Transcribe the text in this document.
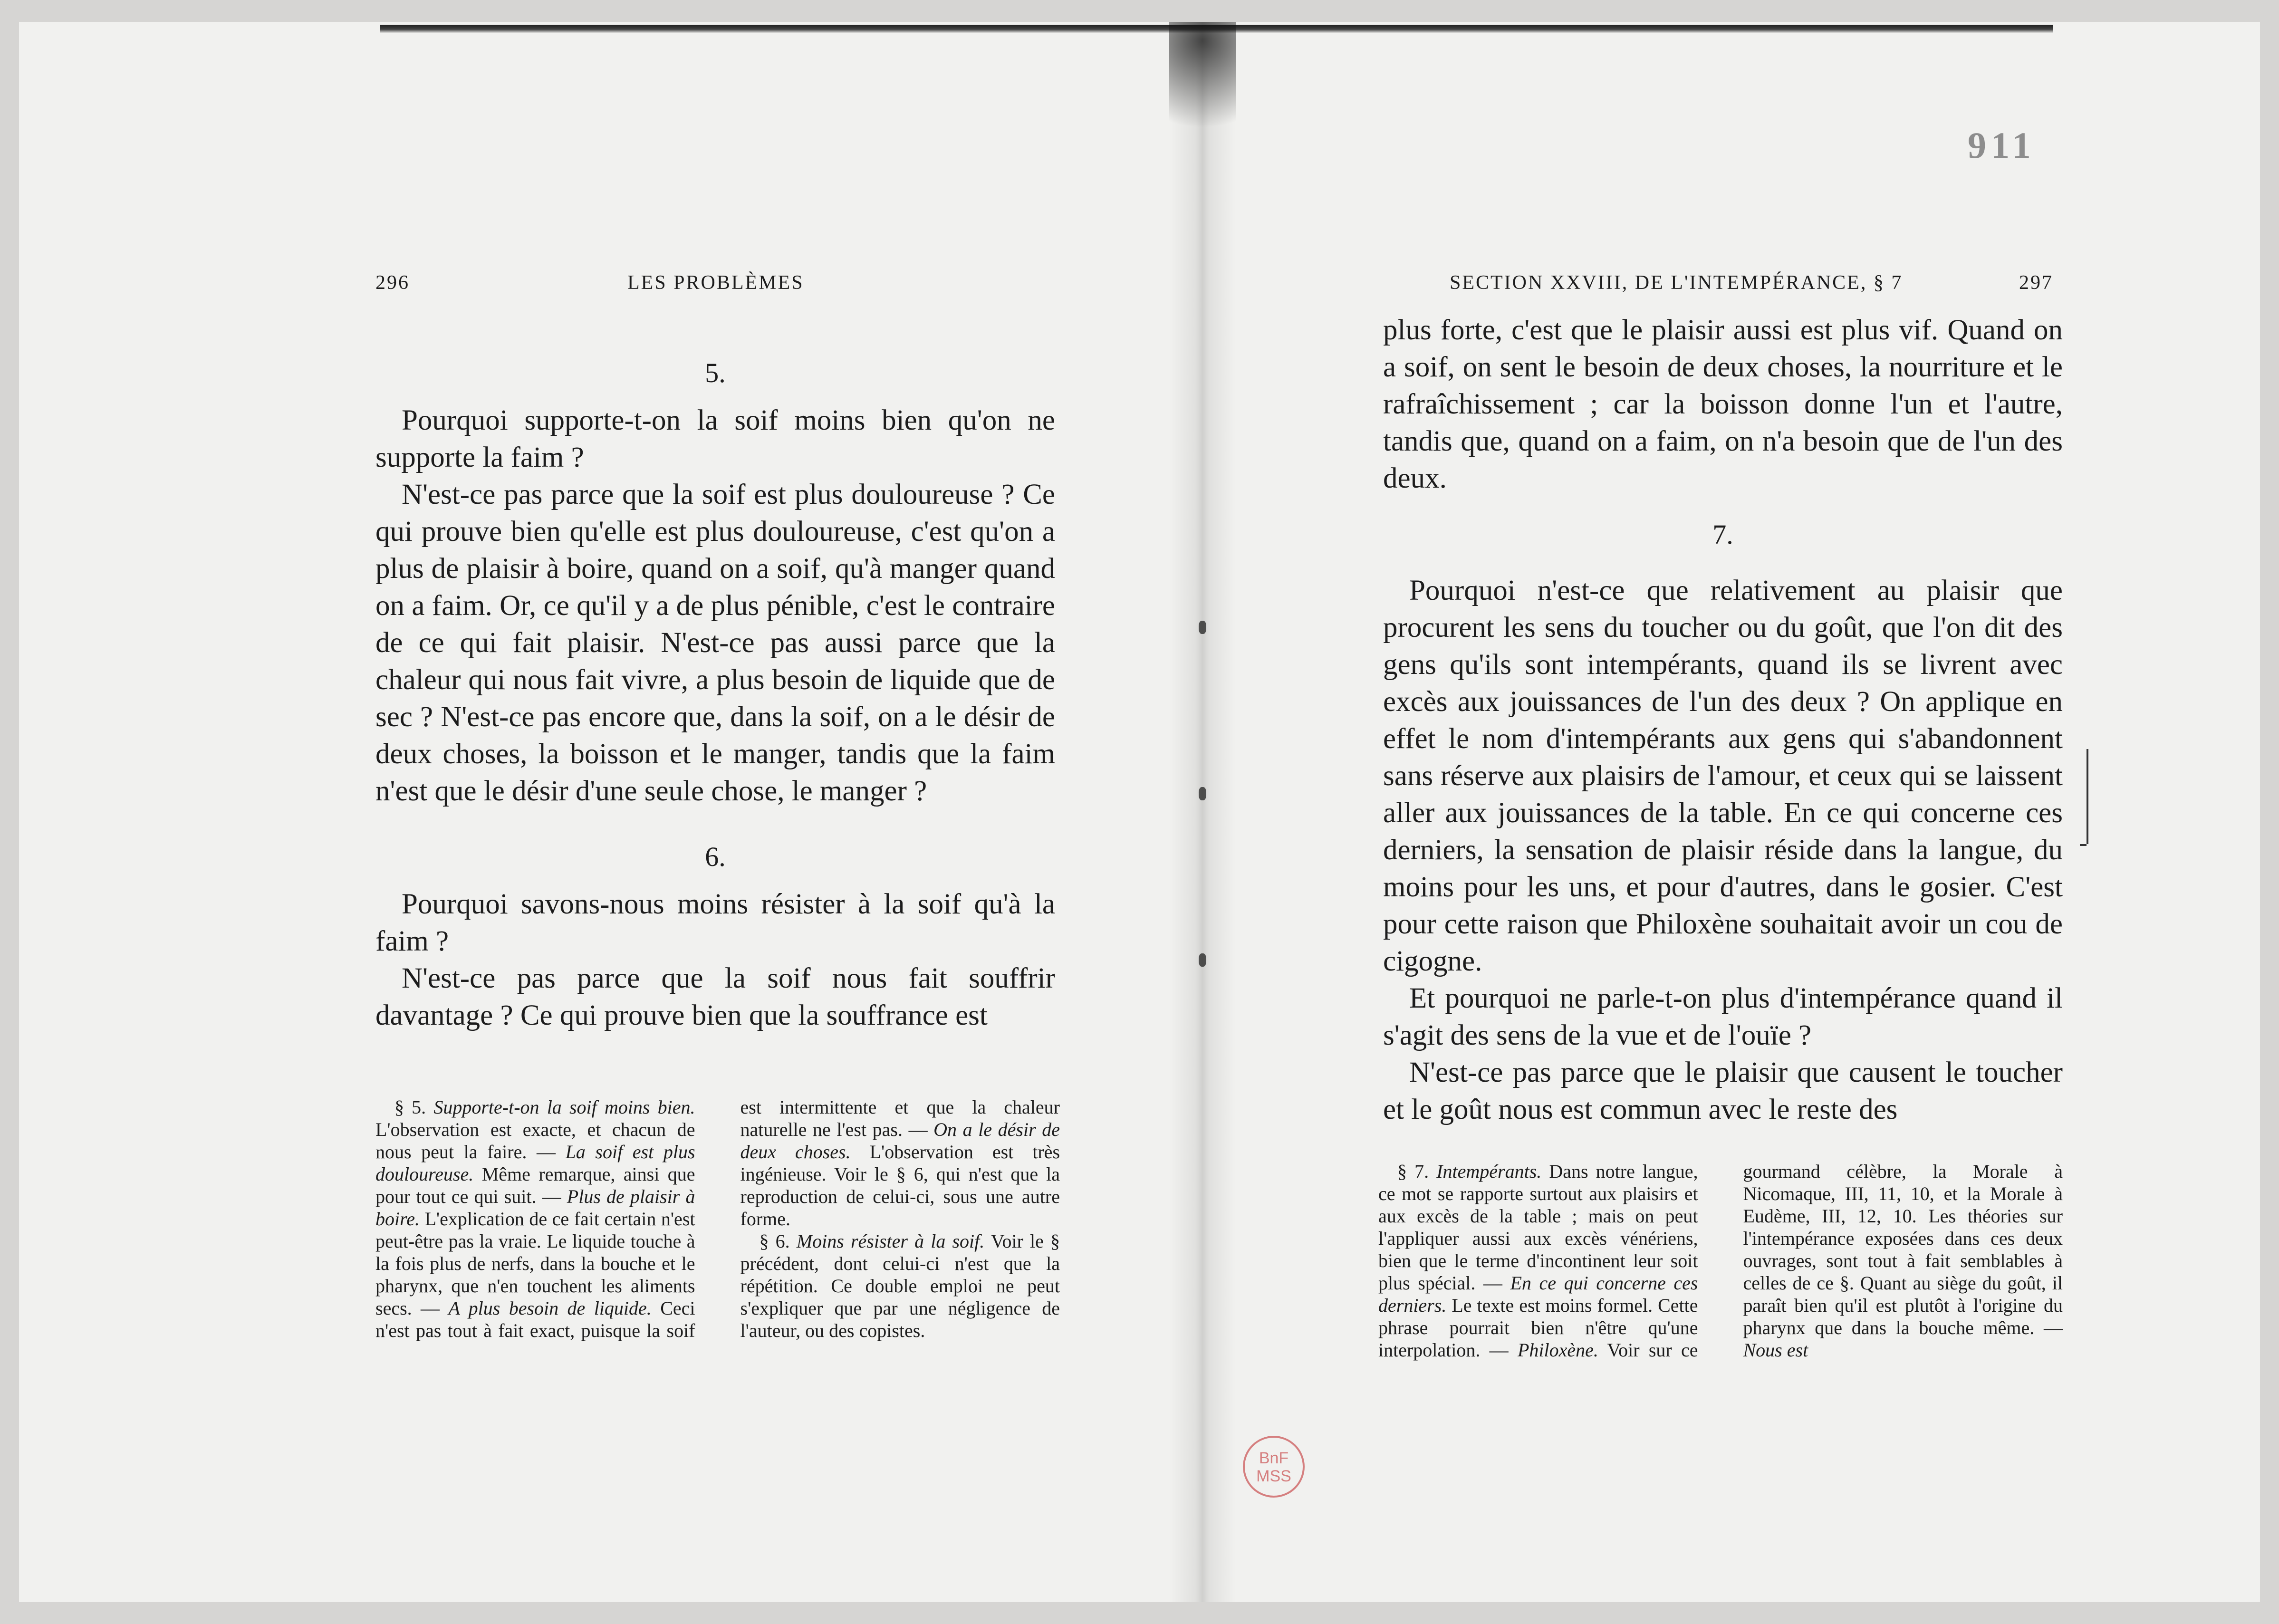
911
296	LES PROBLÈMES
5.

Pourquoi supporte-t-on la soif moins bien qu'on ne supporte la faim ?

N'est-ce pas parce que la soif est plus douloureuse ? Ce qui prouve bien qu'elle est plus douloureuse, c'est qu'on a plus de plaisir à boire, quand on a soif, qu'à manger quand on a faim. Or, ce qu'il y a de plus pénible, c'est le contraire de ce qui fait plaisir. N'est-ce pas aussi parce que la chaleur qui nous fait vivre, a plus besoin de liquide que de sec ? N'est-ce pas encore que, dans la soif, on a le désir de deux choses, la boisson et le manger, tandis que la faim n'est que le désir d'une seule chose, le manger ?

6.

Pourquoi savons-nous moins résister à la soif qu'à la faim ?

N'est-ce pas parce que la soif nous fait souffrir davantage ? Ce qui prouve bien que la souffrance est

§ 5. Supporte-t-on la soif moins bien. L'observation est exacte, et chacun de nous peut la faire. — La soif est plus douloureuse. Même remarque, ainsi que pour tout ce qui suit. — Plus de plaisir à boire. L'explication de ce fait certain n'est peut-être pas la vraie. Le liquide touche à la fois plus de nerfs, dans la bouche et le pharynx, que n'en touchent les aliments secs. — A plus besoin de liquide. Ceci n'est pas tout à fait exact, puisque la soif est intermittente et que la chaleur naturelle ne l'est pas. — On a le désir de deux choses. L'observation est très ingénieuse. Voir le § 6, qui n'est que la reproduction de celui-ci, sous une autre forme.

§ 6. Moins résister à la soif. Voir le § précédent, dont celui-ci n'est que la répétition. Ce double emploi ne peut s'expliquer que par une négligence de l'auteur, ou des copistes.

SECTION XXVIII, DE L'INTEMPÉRANCE, § 7	297

plus forte, c'est que le plaisir aussi est plus vif. Quand on a soif, on sent le besoin de deux choses, la nourriture et le rafraîchissement ; car la boisson donne l'un et l'autre, tandis que, quand on a faim, on n'a besoin que de l'un des deux.

7.

Pourquoi n'est-ce que relativement au plaisir que procurent les sens du toucher ou du goût, que l'on dit des gens qu'ils sont intempérants, quand ils se livrent avec excès aux jouissances de l'un des deux ? On applique en effet le nom d'intempérants aux gens qui s'abandonnent sans réserve aux plaisirs de l'amour, et ceux qui se laissent aller aux jouissances de la table. En ce qui concerne ces derniers, la sensation de plaisir réside dans la langue, du moins pour les uns, et pour d'autres, dans le gosier. C'est pour cette raison que Philoxène souhaitait avoir un cou de cigogne.

Et pourquoi ne parle-t-on plus d'intempérance quand il s'agit des sens de la vue et de l'ouïe ?

N'est-ce pas parce que le plaisir que causent le toucher et le goût nous est commun avec le reste des

§ 7. Intempérants. Dans notre langue, ce mot se rapporte surtout aux plaisirs et aux excès de la table ; mais on peut l'appliquer aussi aux excès vénériens, bien que le terme d'incontinent leur soit plus spécial. — En ce qui concerne ces derniers. Le texte est moins formel. Cette phrase pourrait bien n'être qu'une interpolation. — Philoxène. Voir sur ce gourmand célèbre, la Morale à Nicomaque, III, 11, 10, et la Morale à Eudème, III, 12, 10. Les théories sur l'intempérance exposées dans ces deux ouvrages, sont tout à fait semblables à celles de ce §. Quant au siège du goût, il paraît bien qu'il est plutôt à l'origine du pharynx que dans la bouche même. — Nous est

BnF
MSS
